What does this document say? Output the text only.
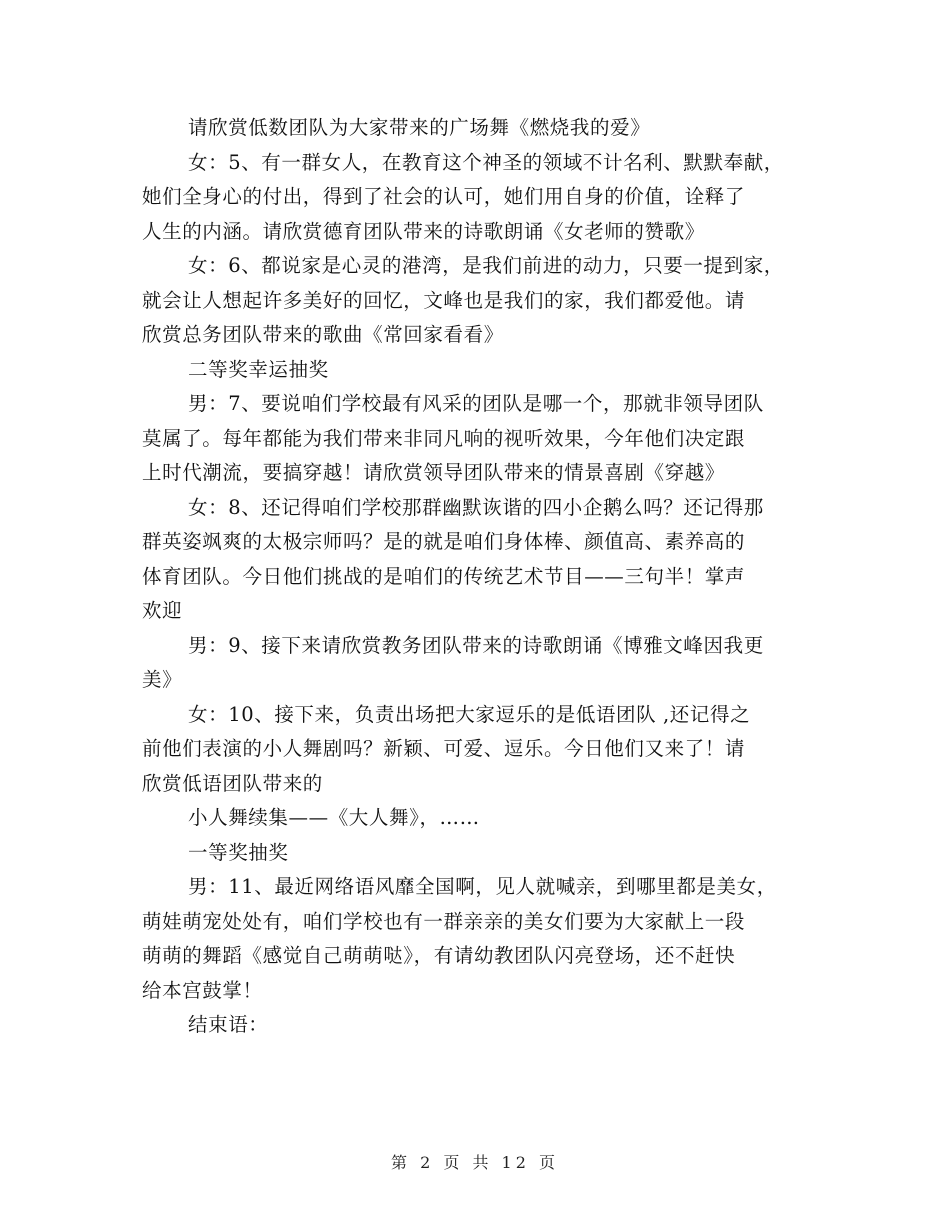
请欣赏低数团队为大家带来的广场舞《燃烧我的爱》
女：5、有一群女人，在教育这个神圣的领域不计名利、默默奉献，
她们全身心的付出，得到了社会的认可，她们用自身的价值，诠释了
人生的内涵。请欣赏德育团队带来的诗歌朗诵《女老师的赞歌》
女：6、都说家是心灵的港湾，是我们前进的动力，只要一提到家，
就会让人想起许多美好的回忆，文峰也是我们的家，我们都爱他。请
欣赏总务团队带来的歌曲《常回家看看》
二等奖幸运抽奖
男：7、要说咱们学校最有风采的团队是哪一个，那就非领导团队
莫属了。每年都能为我们带来非同凡响的视听效果，今年他们决定跟
上时代潮流，要搞穿越！请欣赏领导团队带来的情景喜剧《穿越》
女：8、还记得咱们学校那群幽默诙谐的四小企鹅么吗？还记得那
群英姿飒爽的太极宗师吗？是的就是咱们身体棒、颜值高、素养高的
体育团队。今日他们挑战的是咱们的传统艺术节目——三句半！掌声
欢迎
男：9、接下来请欣赏教务团队带来的诗歌朗诵《博雅文峰因我更
美》
女：10、接下来，负责出场把大家逗乐的是低语团队 ,还记得之
前他们表演的小人舞剧吗？新颖、可爱、逗乐。今日他们又来了！请
欣赏低语团队带来的
小人舞续集——《大人舞》，……
一等奖抽奖
男：11、最近网络语风靡全国啊，见人就喊亲，到哪里都是美女，
萌娃萌宠处处有，咱们学校也有一群亲亲的美女们要为大家献上一段
萌萌的舞蹈《感觉自己萌萌哒》，有请幼教团队闪亮登场，还不赶快
给本宫鼓掌！
结束语：
第 2 页 共 12 页
